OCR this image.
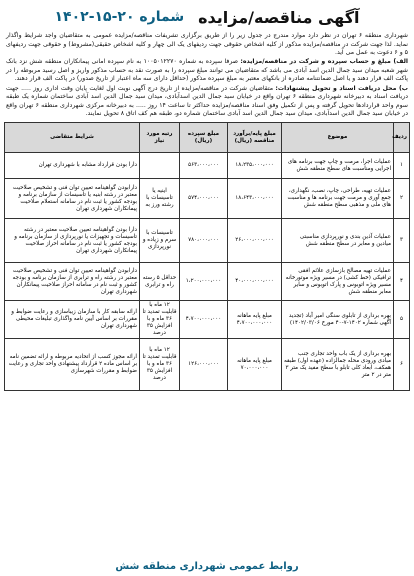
آگهی مناقصه/مزایده
شماره ۲۰-۱۵-۱۴۰۲

شهرداری منطقه ۶ تهران در نظر دارد موارد مندرج در جدول زیر را از طریق برگزاری تشریفات مناقصه/مزایده عمومی به متقاضیان واجد شرایط واگذار نماید. لذا جهت شرکت در مناقصه/مزایده مذکور از کلیه اشخاص حقوقی جهت ردیفهای یک الی چهار و کلیه اشخاص حقیقی(مشروط) و حقوقی جهت ردیفهای ۵ و ۶ دعوت به عمل می آید.

الف) مبلغ و حساب سپرده و شرکت در مناقصه/مزایده: صرفا سپرده به شماره ۱۰۰۵۰۱۲۲۷۰ به نام سپرده امانی پیمانکاران منطقه شش نزد بانک شهر شعبه میدان سید جمال الدین اسد آبادی می باشد که متقاضیان می توانند مبلغ سپرده را به صورت نقد به حساب مذکور واریز و اصل رسید مربوطه را در پاکت الف قرار دهند و یا اصل ضمانتنامه صادره از بانکهای معتبر به مبلغ سپرده مذکور (حداقل دارای سه ماه اعتبار از تاریخ صدور) در پاکت الف قرار دهند.

ب) محل دریافت اسناد و تحویل پیشنهادات: متقاضیان شرکت در مناقصه/مزایده از تاریخ درج آگهی نوبت اول لغایت پایان وقت اداری روز ..... جهت دریافت اسناد به دبیرخانه شهرداری منطقه ۶ تهران واقع در خیابان سید جمال الدین اسدآبادی، میدان سید جمال الدین اسد آبادی ساختمان شماره یک طبقه سوم واحد قراردادها تحویل گرفته و پس از تکمیل وفق اسناد مناقصه/مزایده حداکثر تا ساعت ۱۴ روز ..... به دبیرخانه مرکزی شهرداری منطقه ۶ تهران واقع در خیابان سید جمال الدین اسدآبادی، میدان سید جمال الدین اسد آبادی ساختمان شماره دو، طبقه هم کف اتاق ۸ تحویل نمایند.

ردیف	موضوع	مبلغ پایه/برآورد مناقصه (ریال)	مبلغ سپرده (ریال)	رتبه مورد نیاز	شرایط متقاضی
۱	عملیات اجرا، مرمت و چاپ جهت برنامه های اجرایی ومناسبت های سطح منطقه شش	۱۸،۲۳۵،۰۰۰،۰۰۰	۵۶۳،۰۰۰،۰۰۰		دارا بودن قرارداد مشابه با شهرداری تهران
۲	عملیات تهیه، طراحی، چاپ، نصب، نگهداری، جمع آوری و مرمت جهت برنامه ها و مناسبت های ملی و مذهبی سطح منطقه شش	۱۸،۶۴۳،۰۰۰،۰۰۰	۵۷۴،۰۰۰،۰۰۰	اینیه یا تاسیسات با رشته ورز به	دارابودن گواهینامه تعیین توان فنی و تشخیص صلاحیت معتبر در رشته ابنیه یا تاسیسات از سازمان برنامه و بودجه کشور یا ثبت نام در سامانه استعلام صلاحیت پیمانکاران شهرداری تهران
۳	عملیات آذین بندی و نورپردازی مناسبتی میادین و معابر در سطح منطقه شش	۲۶،۰۰۰،۰۰۰،۰۰۰	۷۸۰،۰۰۰،۰۰۰	تاسیسات با سرم و زیاده و نورپردازی	دارا بودن گواهینامه تعیین صلاحیت معتبر در رشته تاسیسات و تجهیزات یا نورپردازی از سازمان برنامه و بودجه کشور یا ثبت نام در سامانه احراز صلاحیت پیمانکاران شهرداری تهران
۴	عملیات تهیه مصالح بازسازی علائم افقی ترافیکی (خط کشی) در مسیر ویژه موتورخانه مسیر ویژه اتوبوس و پارک اتوبوس و سایر معابر منطقه شش	۴۰،۰۰۰،۰۰۰،۰۰۰	۱،۲۰۰،۰۰۰،۰۰۰	حداقل ۵ رسته راه و ترابری	دارابودن گواهینامه تعیین توان فنی و تشخیص صلاحیت معتبر در رشته راه و ترابری از سازمان برنامه و بودجه کشور و ثبت نام در سامانه احراز صلاحیت پیمانکاران شهرداری تهران
۵	بهره برداری از تابلوی سنگی امیر آباد (تجدید آگهی شماره ۱۴۰۲-۷-۴۰ مورخ ۱۴۰۲/۰۳/۰۶)	مبلغ پایه ماهانه ۴،۷۰۰،۰۰۰،۰۰۰	۴،۷۰۰،۰۰۰،۰۰۰	۱۲ ماه با قابلیت تمدید تا ۳۶ ماه و با افزایش ۳۵ درصد	ارائه سابقه کار با سازمان زیباسازی و رعایت ضوابط و مقررات بر اساس آیین نامه واگذاری تبلیغات محیطی شهرداری تهران
۶	بهره برداری از یک باب واحد تجاری جنب مبادی ورودی محله جمالزاده (عهده اول) طبقه همکف، ابعاد کلی تابلو با سطح مفید یک متر ۳ متر در ۲ متر	مبلغ پایه ماهانه ۷۰،۰۰۰،۰۰۰	۱۲۶،۰۰۰،۰۰۰	۱۲ ماه با قابلیت تمدید تا ۳۶ ماه و با افزایش ۳۵ درصد	ارائه مجوز کسب از اتحادیه مربوطه و ارائه تضمین نامه بر اساس ماده ۲ قرارداد پیشنهادی واحد تجاری و رعایت ضوابط و مقررات شهرسازی
روابط عمومی شهرداری منطقه شش
